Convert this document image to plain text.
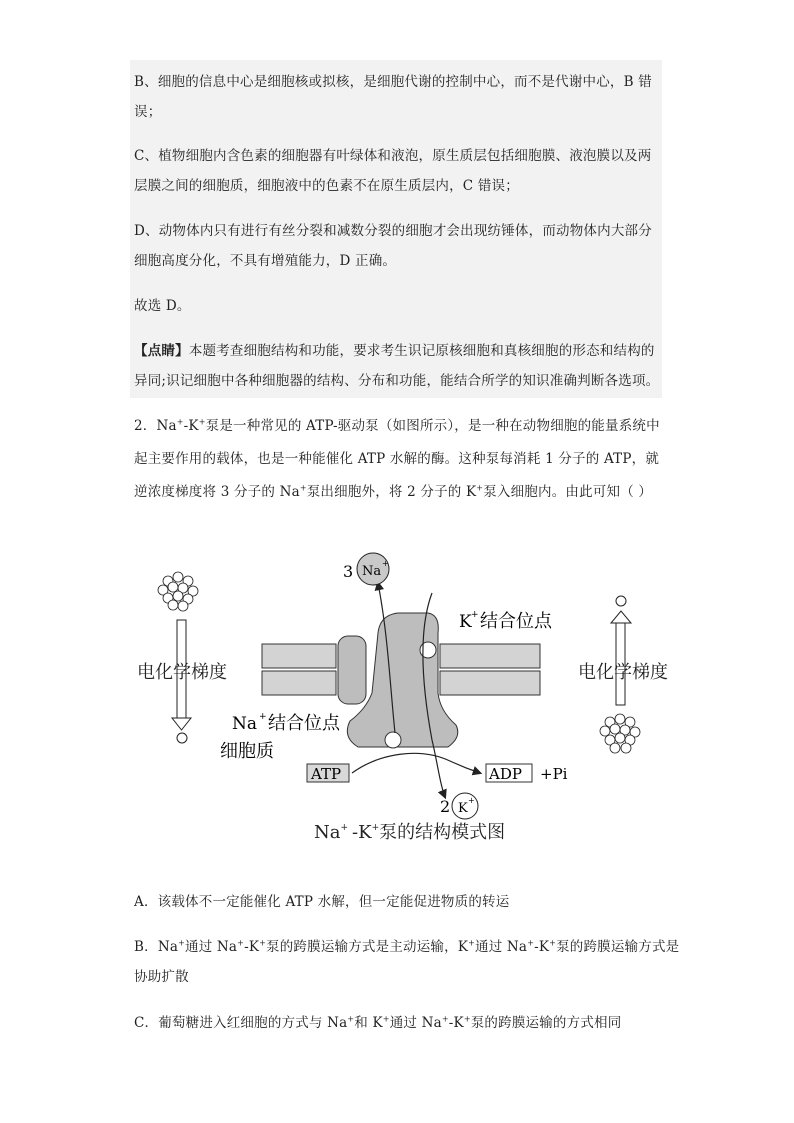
B、细胞的信息中心是细胞核或拟核，是细胞代谢的控制中心，而不是代谢中心，B 错
误；
C、植物细胞内含色素的细胞器有叶绿体和液泡，原生质层包括细胞膜、液泡膜以及两
层膜之间的细胞质，细胞液中的色素不在原生质层内，C 错误；
D、动物体内只有进行有丝分裂和减数分裂的细胞才会出现纺锤体，而动物体内大部分
细胞高度分化，不具有增殖能力，D 正确。
故选 D。
【点睛】本题考查细胞结构和功能，要求考生识记原核细胞和真核细胞的形态和结构的
异同;识记细胞中各种细胞器的结构、分布和功能，能结合所学的知识准确判断各选项。
2．Na+-K+泵是一种常见的 ATP-驱动泵（如图所示），是一种在动物细胞的能量系统中
起主要作用的载体，也是一种能催化 ATP 水解的酶。这种泵每消耗 1 分子的 ATP，就
逆浓度梯度将 3 分子的 Na+泵出细胞外，将 2 分子的 K+泵入细胞内。由此可知（ ）
电化学梯度	电化学梯度
3 Na
+
2 K
+
K + 结合位点
Na + 结合位点
细胞质
ATP	ADP +Pi
Na+ -K+泵的结构模式图
A．该载体不一定能催化 ATP 水解，但一定能促进物质的转运
B．Na+通过 Na+-K+泵的跨膜运输方式是主动运输，K+通过 Na+-K+泵的跨膜运输方式是
协助扩散
C．葡萄糖进入红细胞的方式与 Na+和 K+通过 Na+-K+泵的跨膜运输的方式相同
